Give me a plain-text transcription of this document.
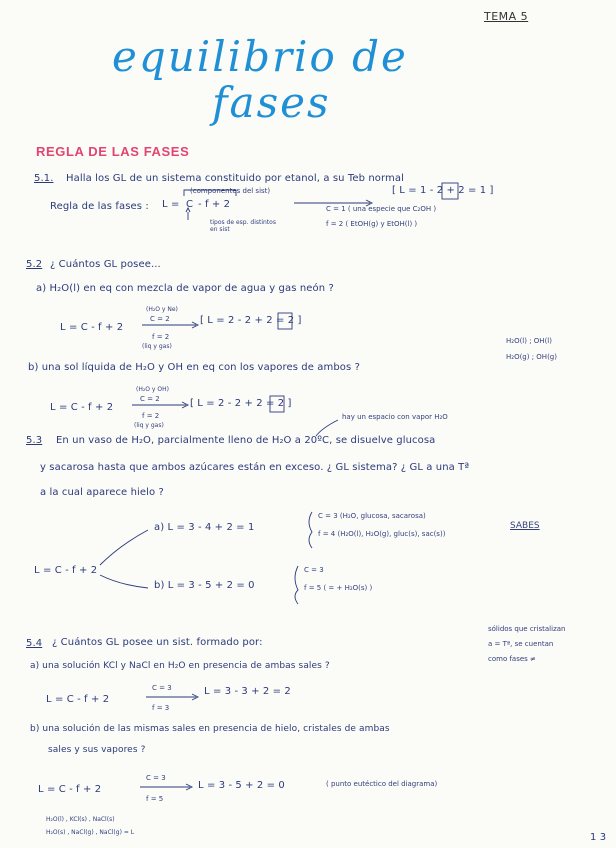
TEMA 5
equilibrio de
fases
REGLA DE LAS FASES
5.1. Halla los GL de un sistema constituido por etanol, a su Teb normal
Regla de las fases :
(componentes del sist)
L = C - f + 2
tipos de esp. distintos en sist
[ L = 1 - 2 + 2 = 1 ]
C = 1 ( una especie que C₂OH )
f = 2 ( EtOH(g) y EtOH(l) )
5.2 ¿ Cuántos GL posee...
a) H₂O(l) en eq con mezcla de vapor de agua y gas neón ?
L = C - f + 2
(H₂O y Ne)
C = 2
f = 2
(liq y gas)
[ L = 2 - 2 + 2 = 2 ]
b) una sol líquida de H₂O y OH en eq con los vapores de ambos ?
H₂O(l) ; OH(l)
H₂O(g) ; OH(g)
L = C - f + 2
(H₂O y OH)
C = 2
f = 2
(liq y gas)
[ L = 2 - 2 + 2 = 2 ]
hay un espacio con vapor H₂O
5.3 En un vaso de H₂O, parcialmente lleno de H₂O a 20ºC, se disuelve glucosa
y sacarosa hasta que ambos azúcares están en exceso. ¿ GL sistema? ¿ GL a una Tª
a la cual aparece hielo ?
L = C - f + 2
a) L = 3 - 4 + 2 = 1
C = 3 (H₂O, glucosa, sacarosa)
f = 4 (H₂O(l), H₂O(g), gluc(s), sac(s))
SABES
b) L = 3 - 5 + 2 = 0
C = 3
f = 5 ( = + H₂O(s) )
sólidos que cristalizan
a = Tª, se cuentan
como fases ≠
5.4 ¿ Cuántos GL posee un sist. formado por:
a) una solución KCl y NaCl en H₂O en presencia de ambas sales ?
L = C - f + 2
C = 3
f = 3
L = 3 - 3 + 2 = 2
b) una solución de las mismas sales en presencia de hielo, cristales de ambas
sales y sus vapores ?
L = C - f + 2
C = 3
f = 5
L = 3 - 5 + 2 = 0	( punto eutéctico del diagrama)
H₂O(l) , KCl(s) , NaCl(s)
H₂O(s) , NaCl(g) , NaCl(g) = L	1 3
